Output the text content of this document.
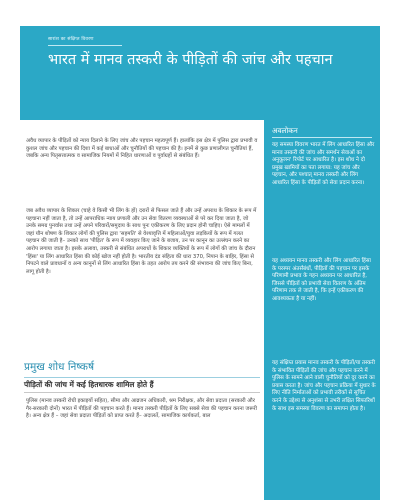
सारांश का संक्षिप्त विवरण
भारत में मानव तस्करी के पीड़ितों की जांच और पहचान

अवैध व्यापार के पीड़ितों को न्याय दिलाने के लिए जांच और पहचान महत्वपूर्ण हैं। हालांकि इस क्षेत्र में पुलिस द्वारा प्रभावी व कुशल जांच और पहचान की दिशा में कई बाधाओं और चुनौतियों की पहचान की है। इनमें से कुछ प्रणालीगत चुनौतियां हैं, जबकि अन्य पितृसत्तात्मक व सामाजिक नियमों में निहित धारणाओं व पूर्वाग्रहों से संबंधित हैं।

जब अवैध व्यापार के शिकार (चाहे वे किसी भी लिंग के हों) दरारों से फिसल जाते हैं और उन्हें अपराध के शिकार के रूप में पहचाना नहीं जाता है, तो उन्हें आपराधिक न्याय प्रणाली और उन सेवा वितरण व्यवस्थाओं से परे कर दिया जाता है, जो उनके समग्र पुनर्वास तथा उन्हें अपने परिवारों/समुदाय के साथ पुनः एकीकरण के लिए प्रदान होनी चाहिए। ऐसे मामलों में जहां यौन शोषण के शिकार लोगों की पुलिस द्वारा 'सहमति' से वेश्यावृत्ति में महिलाओं/युवा लड़कियों के रूप में गलत पहचान की जाती है– उनको साथ 'पीड़ित' के रूप में व्यवहार किए जाने के बजाय, उन पर कानून का उल्लंघन करने का आरोप लगाया जाता है। इसके अलावा, तस्करी से संबंधित अपराधों के शिकार व्यक्तियों के रूप में लोगों की जांच के दौरान 'हिंसा' या लिंग आधारित हिंसा की कोई खोज नहीं होती है। भारतीय दंड संहिता की धारा 370, निपान के बाहिर, हिंसा से निपटने वाले प्रावधानों व अन्य कानूनों से लिंग आधारित हिंसा के तहत आरोप तय करने की संभावना की जांच किए बिना, लागू होती है।

प्रमुख शोध निष्कर्ष
पीड़ितों की जांच में कई हितधारक शामिल होते हैं

पुलिस (मानव तस्करी रोधी इकाइयों सहित), सीमा और आव्रजन अधिकारी, श्रम निरीक्षक, और सेवा प्रदाता (सरकारी और गैर-सरकारी दोनों) भारत में पीड़ितों की पहचान करते हैं। मानव तस्करी पीड़ितों के लिए सबसे सेवा की पहचान करना जरूरी है। अन्य क्षेत्र हैं – जहां सेवा प्रदाता पीड़ितों को प्राप्त करते हैं– अदालतें, सामाजिक कार्यकर्ता, बाल

अवलोकन

यह समस्या विवरण भारत में लिंग आधारित हिंसा और मानव तस्करी की जांच और समर्थन सेवाओं का अनुकूलन' रिपोर्ट पर आधारित है। इस शोध ने दो प्रमुख खामियों का पता लगाया: यह जांच और पहचान, और पश्चात् मानव तस्करी और लिंग आधारित हिंसा के पीड़ितों को सेवा प्रदान करना।

यह अध्ययन मानव तस्करी और लिंग आधारित हिंसा के परस्पर अंतर्संबंधों, पीड़ितों की पहचान पर इसके परिणामी प्रभाव के गहन अध्ययन पर आधारित है, जिससे पीड़ितों को प्रभावी सेवा वितरण के अंतिम परिणाम तक ले जाती है, कि इन्हें एकीकरण की आवश्यकता है या नहीं।

यह संक्षिप्त प्रयास मानव तस्करी के पीड़ितों/या तस्करी के संभावित पीड़ितों की जांच और पहचान करने में पुलिस के सामने आने वाली चुनौतियों को दूर करने का प्रयास करता है। जांच और पहचान प्रक्रिया में सुधार के लिए नीति निर्माताओं को प्रभावी तरीकों से सूचित करने के उद्देश्य से अनुशंसा से उभरी लक्षित सिफारिशों के साथ इस समस्या विवरण का समापन होता है।
